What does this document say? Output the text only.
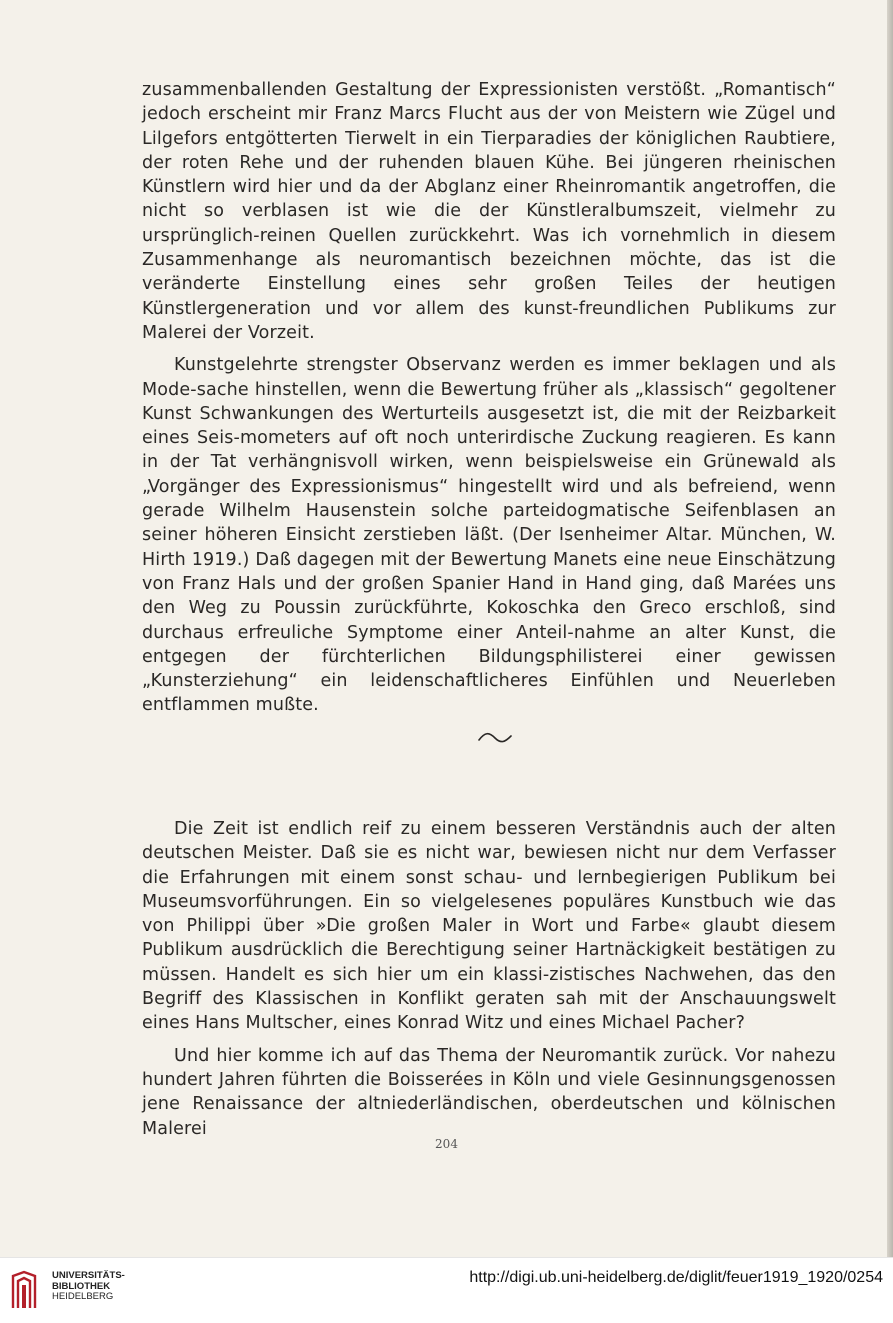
zusammenballenden Gestaltung der Expressionisten verstößt. „Romantisch“ jedoch erscheint mir Franz Marcs Flucht aus der von Meistern wie Zügel und Lilgefors entgötterten Tierwelt in ein Tierparadies der königlichen Raubtiere, der roten Rehe und der ruhenden blauen Kühe. Bei jüngeren rheinischen Künstlern wird hier und da der Abglanz einer Rheinromantik angetroffen, die nicht so verblasen ist wie die der Künstleralbumszeit, vielmehr zu ursprünglich-reinen Quellen zurückkehrt. Was ich vornehmlich in diesem Zusammenhange als neuromantisch bezeichnen möchte, das ist die veränderte Einstellung eines sehr großen Teiles der heutigen Künstlergeneration und vor allem des kunst-freundlichen Publikums zur Malerei der Vorzeit.

Kunstgelehrte strengster Observanz werden es immer beklagen und als Mode-sache hinstellen, wenn die Bewertung früher als „klassisch“ gegoltener Kunst Schwankungen des Werturteils ausgesetzt ist, die mit der Reizbarkeit eines Seis-mometers auf oft noch unterirdische Zuckung reagieren. Es kann in der Tat verhängnisvoll wirken, wenn beispielsweise ein Grünewald als „Vorgänger des Expressionismus“ hingestellt wird und als befreiend, wenn gerade Wilhelm Hausenstein solche parteidogmatische Seifenblasen an seiner höheren Einsicht zerstieben läßt. (Der Isenheimer Altar. München, W. Hirth 1919.) Daß dagegen mit der Bewertung Manets eine neue Einschätzung von Franz Hals und der großen Spanier Hand in Hand ging, daß Marées uns den Weg zu Poussin zurückführte, Kokoschka den Greco erschloß, sind durchaus erfreuliche Symptome einer Anteil-nahme an alter Kunst, die entgegen der fürchterlichen Bildungsphilisterei einer gewissen „Kunsterziehung“ ein leidenschaftlicheres Einfühlen und Neuerleben entflammen mußte.

Die Zeit ist endlich reif zu einem besseren Verständnis auch der alten deutschen Meister. Daß sie es nicht war, bewiesen nicht nur dem Verfasser die Erfahrungen mit einem sonst schau- und lernbegierigen Publikum bei Museumsvorführungen. Ein so vielgelesenes populäres Kunstbuch wie das von Philippi über »Die großen Maler in Wort und Farbe« glaubt diesem Publikum ausdrücklich die Berechtigung seiner Hartnäckigkeit bestätigen zu müssen. Handelt es sich hier um ein klassi-zistisches Nachwehen, das den Begriff des Klassischen in Konflikt geraten sah mit der Anschauungswelt eines Hans Multscher, eines Konrad Witz und eines Michael Pacher?

Und hier komme ich auf das Thema der Neuromantik zurück. Vor nahezu hundert Jahren führten die Boisserées in Köln und viele Gesinnungsgenossen jene Renaissance der altniederländischen, oberdeutschen und kölnischen Malerei

204
UNIVERSITÄTS-
BIBLIOTHEK
HEIDELBERG
http://digi.ub.uni-heidelberg.de/diglit/feuer1919_1920/0254
